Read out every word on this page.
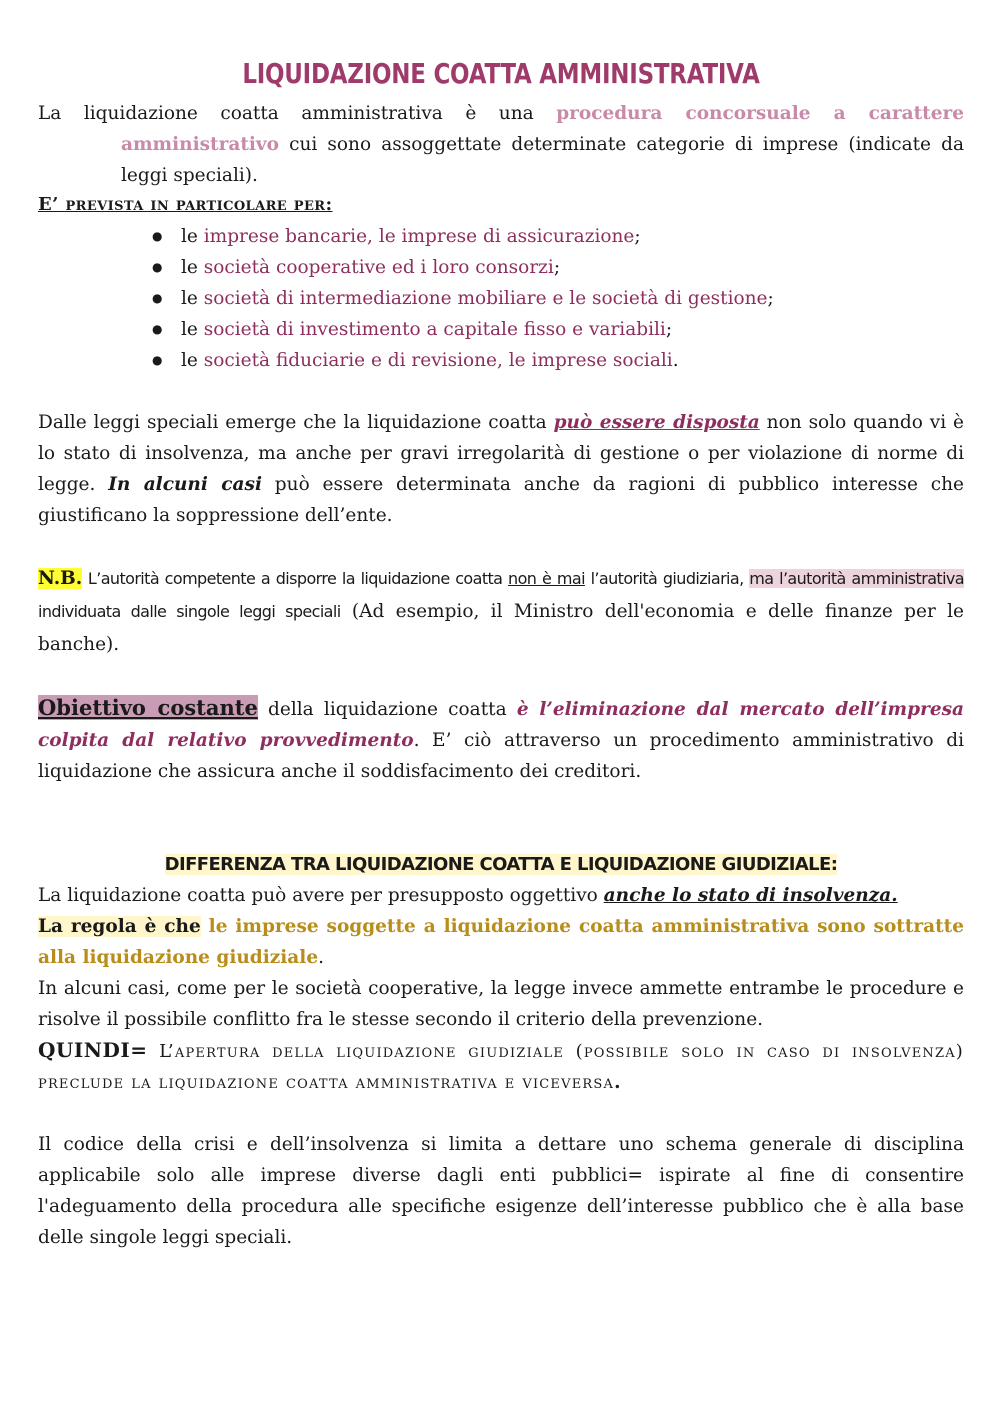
LIQUIDAZIONE COATTA AMMINISTRATIVA

La liquidazione coatta amministrativa è una procedura concorsuale a carattere amministrativo cui sono assoggettate determinate categorie di imprese (indicate da leggi speciali).

E’ prevista in particolare per:
● le imprese bancarie, le imprese di assicurazione;
● le società cooperative ed i loro consorzi;
● le società di intermediazione mobiliare e le società di gestione;
● le società di investimento a capitale fisso e variabili;
● le società fiduciarie e di revisione, le imprese sociali.

Dalle leggi speciali emerge che la liquidazione coatta può essere disposta non solo quando vi è lo stato di insolvenza, ma anche per gravi irregolarità di gestione o per violazione di norme di legge. In alcuni casi può essere determinata anche da ragioni di pubblico interesse che giustificano la soppressione dell’ente.

N.B. L’autorità competente a disporre la liquidazione coatta non è mai l’autorità giudiziaria, ma l’autorità amministrativa individuata dalle singole leggi speciali (Ad esempio, il Ministro dell'economia e delle finanze per le banche).

Obiettivo costante della liquidazione coatta è l’eliminazione dal mercato dell’impresa colpita dal relativo provvedimento. E’ ciò attraverso un procedimento amministrativo di liquidazione che assicura anche il soddisfacimento dei creditori.

DIFFERENZA TRA LIQUIDAZIONE COATTA E LIQUIDAZIONE GIUDIZIALE:

La liquidazione coatta può avere per presupposto oggettivo anche lo stato di insolvenza.

La regola è che le imprese soggette a liquidazione coatta amministrativa sono sottratte alla liquidazione giudiziale.

In alcuni casi, come per le società cooperative, la legge invece ammette entrambe le procedure e risolve il possibile conflitto fra le stesse secondo il criterio della prevenzione.

QUINDI= L’apertura della liquidazione giudiziale (possibile solo in caso di insolvenza) preclude la liquidazione coatta amministrativa e viceversa.

Il codice della crisi e dell’insolvenza si limita a dettare uno schema generale di disciplina applicabile solo alle imprese diverse dagli enti pubblici= ispirate al fine di consentire l'adeguamento della procedura alle specifiche esigenze dell’interesse pubblico che è alla base delle singole leggi speciali.
